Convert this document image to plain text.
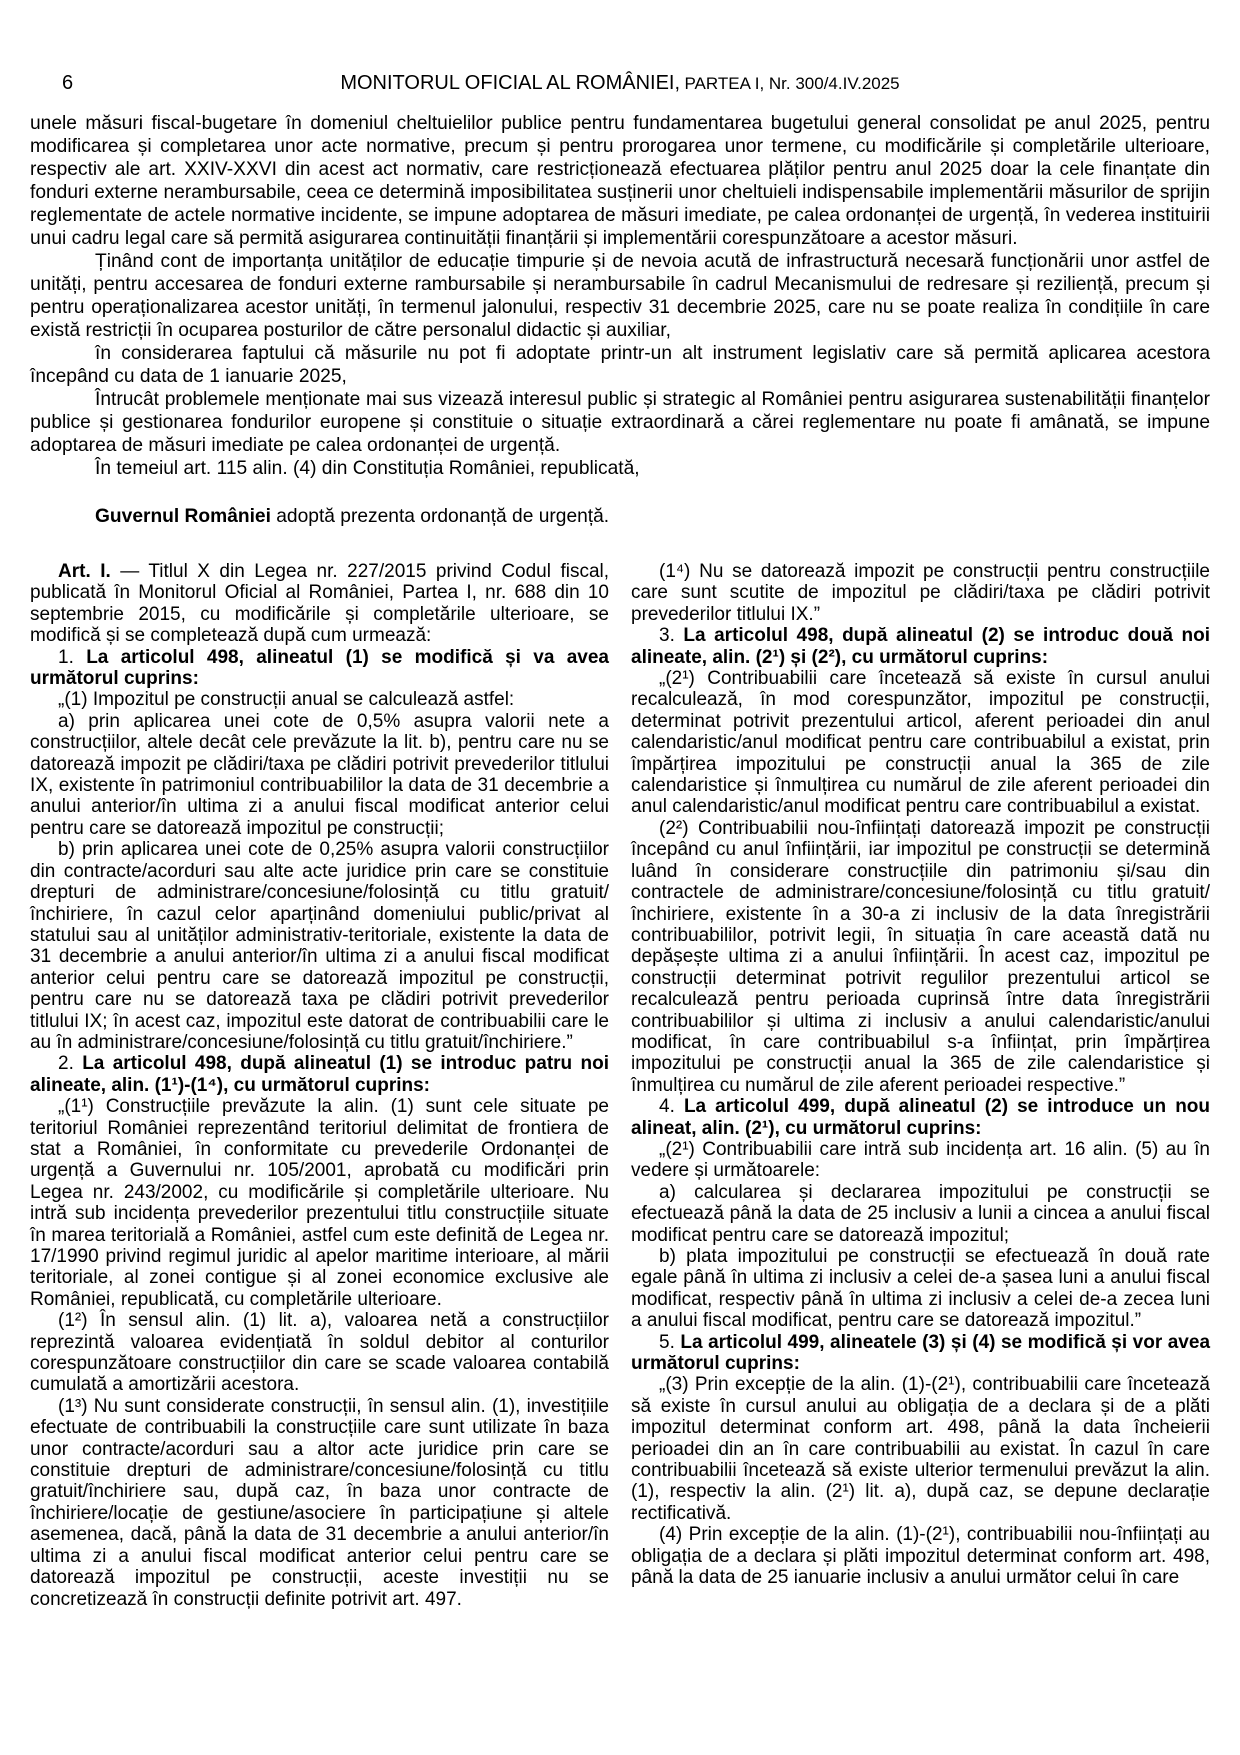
6	MONITORUL OFICIAL AL ROMÂNIEI, PARTEA I, Nr. 300/4.IV.2025

unele măsuri fiscal-bugetare în domeniul cheltuielilor publice pentru fundamentarea bugetului general consolidat pe anul 2025, pentru modificarea și completarea unor acte normative, precum și pentru prorogarea unor termene, cu modificările și completările ulterioare, respectiv ale art. XXIV-XXVI din acest act normativ, care restricționează efectuarea plăților pentru anul 2025 doar la cele finanțate din fonduri externe nerambursabile, ceea ce determină imposibilitatea susținerii unor cheltuieli indispensabile implementării măsurilor de sprijin reglementate de actele normative incidente, se impune adoptarea de măsuri imediate, pe calea ordonanței de urgență, în vederea instituirii unui cadru legal care să permită asigurarea continuității finanțării și implementării corespunzătoare a acestor măsuri.

Ținând cont de importanța unităților de educație timpurie și de nevoia acută de infrastructură necesară funcționării unor astfel de unități, pentru accesarea de fonduri externe rambursabile și nerambursabile în cadrul Mecanismului de redresare și reziliență, precum și pentru operaționalizarea acestor unități, în termenul jalonului, respectiv 31 decembrie 2025, care nu se poate realiza în condițiile în care există restricții în ocuparea posturilor de către personalul didactic și auxiliar,

în considerarea faptului că măsurile nu pot fi adoptate printr-un alt instrument legislativ care să permită aplicarea acestora începând cu data de 1 ianuarie 2025,

Întrucât problemele menționate mai sus vizează interesul public și strategic al României pentru asigurarea sustenabilității finanțelor publice și gestionarea fondurilor europene și constituie o situație extraordinară a cărei reglementare nu poate fi amânată, se impune adoptarea de măsuri imediate pe calea ordonanței de urgență.

În temeiul art. 115 alin. (4) din Constituția României, republicată,

Guvernul României adoptă prezenta ordonanță de urgență.

Art. I. — Titlul X din Legea nr. 227/2015 privind Codul fiscal, publicată în Monitorul Oficial al României, Partea I, nr. 688 din 10 septembrie 2015, cu modificările și completările ulterioare, se modifică și se completează după cum urmează:

1. La articolul 498, alineatul (1) se modifică și va avea următorul cuprins:

„(1) Impozitul pe construcții anual se calculează astfel:

a) prin aplicarea unei cote de 0,5% asupra valorii nete a construcțiilor, altele decât cele prevăzute la lit. b), pentru care nu se datorează impozit pe clădiri/taxa pe clădiri potrivit prevederilor titlului IX, existente în patrimoniul contribuabililor la data de 31 decembrie a anului anterior/în ultima zi a anului fiscal modificat anterior celui pentru care se datorează impozitul pe construcții;

b) prin aplicarea unei cote de 0,25% asupra valorii construcțiilor din contracte/acorduri sau alte acte juridice prin care se constituie drepturi de administrare/concesiune/folosință cu titlu gratuit/închiriere, în cazul celor aparținând domeniului public/privat al statului sau al unităților administrativ-teritoriale, existente la data de 31 decembrie a anului anterior/în ultima zi a anului fiscal modificat anterior celui pentru care se datorează impozitul pe construcții, pentru care nu se datorează taxa pe clădiri potrivit prevederilor titlului IX; în acest caz, impozitul este datorat de contribuabilii care le au în administrare/concesiune/folosință cu titlu gratuit/închiriere.”

2. La articolul 498, după alineatul (1) se introduc patru noi alineate, alin. (1¹)-(1⁴), cu următorul cuprins:

„(1¹) Construcțiile prevăzute la alin. (1) sunt cele situate pe teritoriul României reprezentând teritoriul delimitat de frontiera de stat a României, în conformitate cu prevederile Ordonanței de urgență a Guvernului nr. 105/2001, aprobată cu modificări prin Legea nr. 243/2002, cu modificările și completările ulterioare. Nu intră sub incidența prevederilor prezentului titlu construcțiile situate în marea teritorială a României, astfel cum este definită de Legea nr. 17/1990 privind regimul juridic al apelor maritime interioare, al mării teritoriale, al zonei contigue și al zonei economice exclusive ale României, republicată, cu completările ulterioare.

(1²) În sensul alin. (1) lit. a), valoarea netă a construcțiilor reprezintă valoarea evidențiată în soldul debitor al conturilor corespunzătoare construcțiilor din care se scade valoarea contabilă cumulată a amortizării acestora.

(1³) Nu sunt considerate construcții, în sensul alin. (1), investițiile efectuate de contribuabili la construcțiile care sunt utilizate în baza unor contracte/acorduri sau a altor acte juridice prin care se constituie drepturi de administrare/concesiune/folosință cu titlu gratuit/închiriere sau, după caz, în baza unor contracte de închiriere/locație de gestiune/asociere în participațiune și altele asemenea, dacă, până la data de 31 decembrie a anului anterior/în ultima zi a anului fiscal modificat anterior celui pentru care se datorează impozitul pe construcții, aceste investiții nu se concretizează în construcții definite potrivit art. 497.

(1⁴) Nu se datorează impozit pe construcții pentru construcțiile care sunt scutite de impozitul pe clădiri/taxa pe clădiri potrivit prevederilor titlului IX.”

3. La articolul 498, după alineatul (2) se introduc două noi alineate, alin. (2¹) și (2²), cu următorul cuprins:

„(2¹) Contribuabilii care încetează să existe în cursul anului recalculează, în mod corespunzător, impozitul pe construcții, determinat potrivit prezentului articol, aferent perioadei din anul calendaristic/anul modificat pentru care contribuabilul a existat, prin împărțirea impozitului pe construcții anual la 365 de zile calendaristice și înmulțirea cu numărul de zile aferent perioadei din anul calendaristic/anul modificat pentru care contribuabilul a existat.

(2²) Contribuabilii nou-înființați datorează impozit pe construcții începând cu anul înființării, iar impozitul pe construcții se determină luând în considerare construcțiile din patrimoniu și/sau din contractele de administrare/concesiune/folosință cu titlu gratuit/închiriere, existente în a 30-a zi inclusiv de la data înregistrării contribuabililor, potrivit legii, în situația în care această dată nu depășește ultima zi a anului înființării. În acest caz, impozitul pe construcții determinat potrivit regulilor prezentului articol se recalculează pentru perioada cuprinsă între data înregistrării contribuabililor și ultima zi inclusiv a anului calendaristic/anului modificat, în care contribuabilul s-a înființat, prin împărțirea impozitului pe construcții anual la 365 de zile calendaristice și înmulțirea cu numărul de zile aferent perioadei respective.”

4. La articolul 499, după alineatul (2) se introduce un nou alineat, alin. (2¹), cu următorul cuprins:

„(2¹) Contribuabilii care intră sub incidența art. 16 alin. (5) au în vedere și următoarele:

a) calcularea și declararea impozitului pe construcții se efectuează până la data de 25 inclusiv a lunii a cincea a anului fiscal modificat pentru care se datorează impozitul;

b) plata impozitului pe construcții se efectuează în două rate egale până în ultima zi inclusiv a celei de-a șasea luni a anului fiscal modificat, respectiv până în ultima zi inclusiv a celei de-a zecea luni a anului fiscal modificat, pentru care se datorează impozitul.”

5. La articolul 499, alineatele (3) și (4) se modifică și vor avea următorul cuprins:

„(3) Prin excepție de la alin. (1)-(2¹), contribuabilii care încetează să existe în cursul anului au obligația de a declara și de a plăti impozitul determinat conform art. 498, până la data încheierii perioadei din an în care contribuabilii au existat. În cazul în care contribuabilii încetează să existe ulterior termenului prevăzut la alin. (1), respectiv la alin. (2¹) lit. a), după caz, se depune declarație rectificativă.

(4) Prin excepție de la alin. (1)-(2¹), contribuabilii nou-înființați au obligația de a declara și plăti impozitul determinat conform art. 498, până la data de 25 ianuarie inclusiv a anului următor celui în care
